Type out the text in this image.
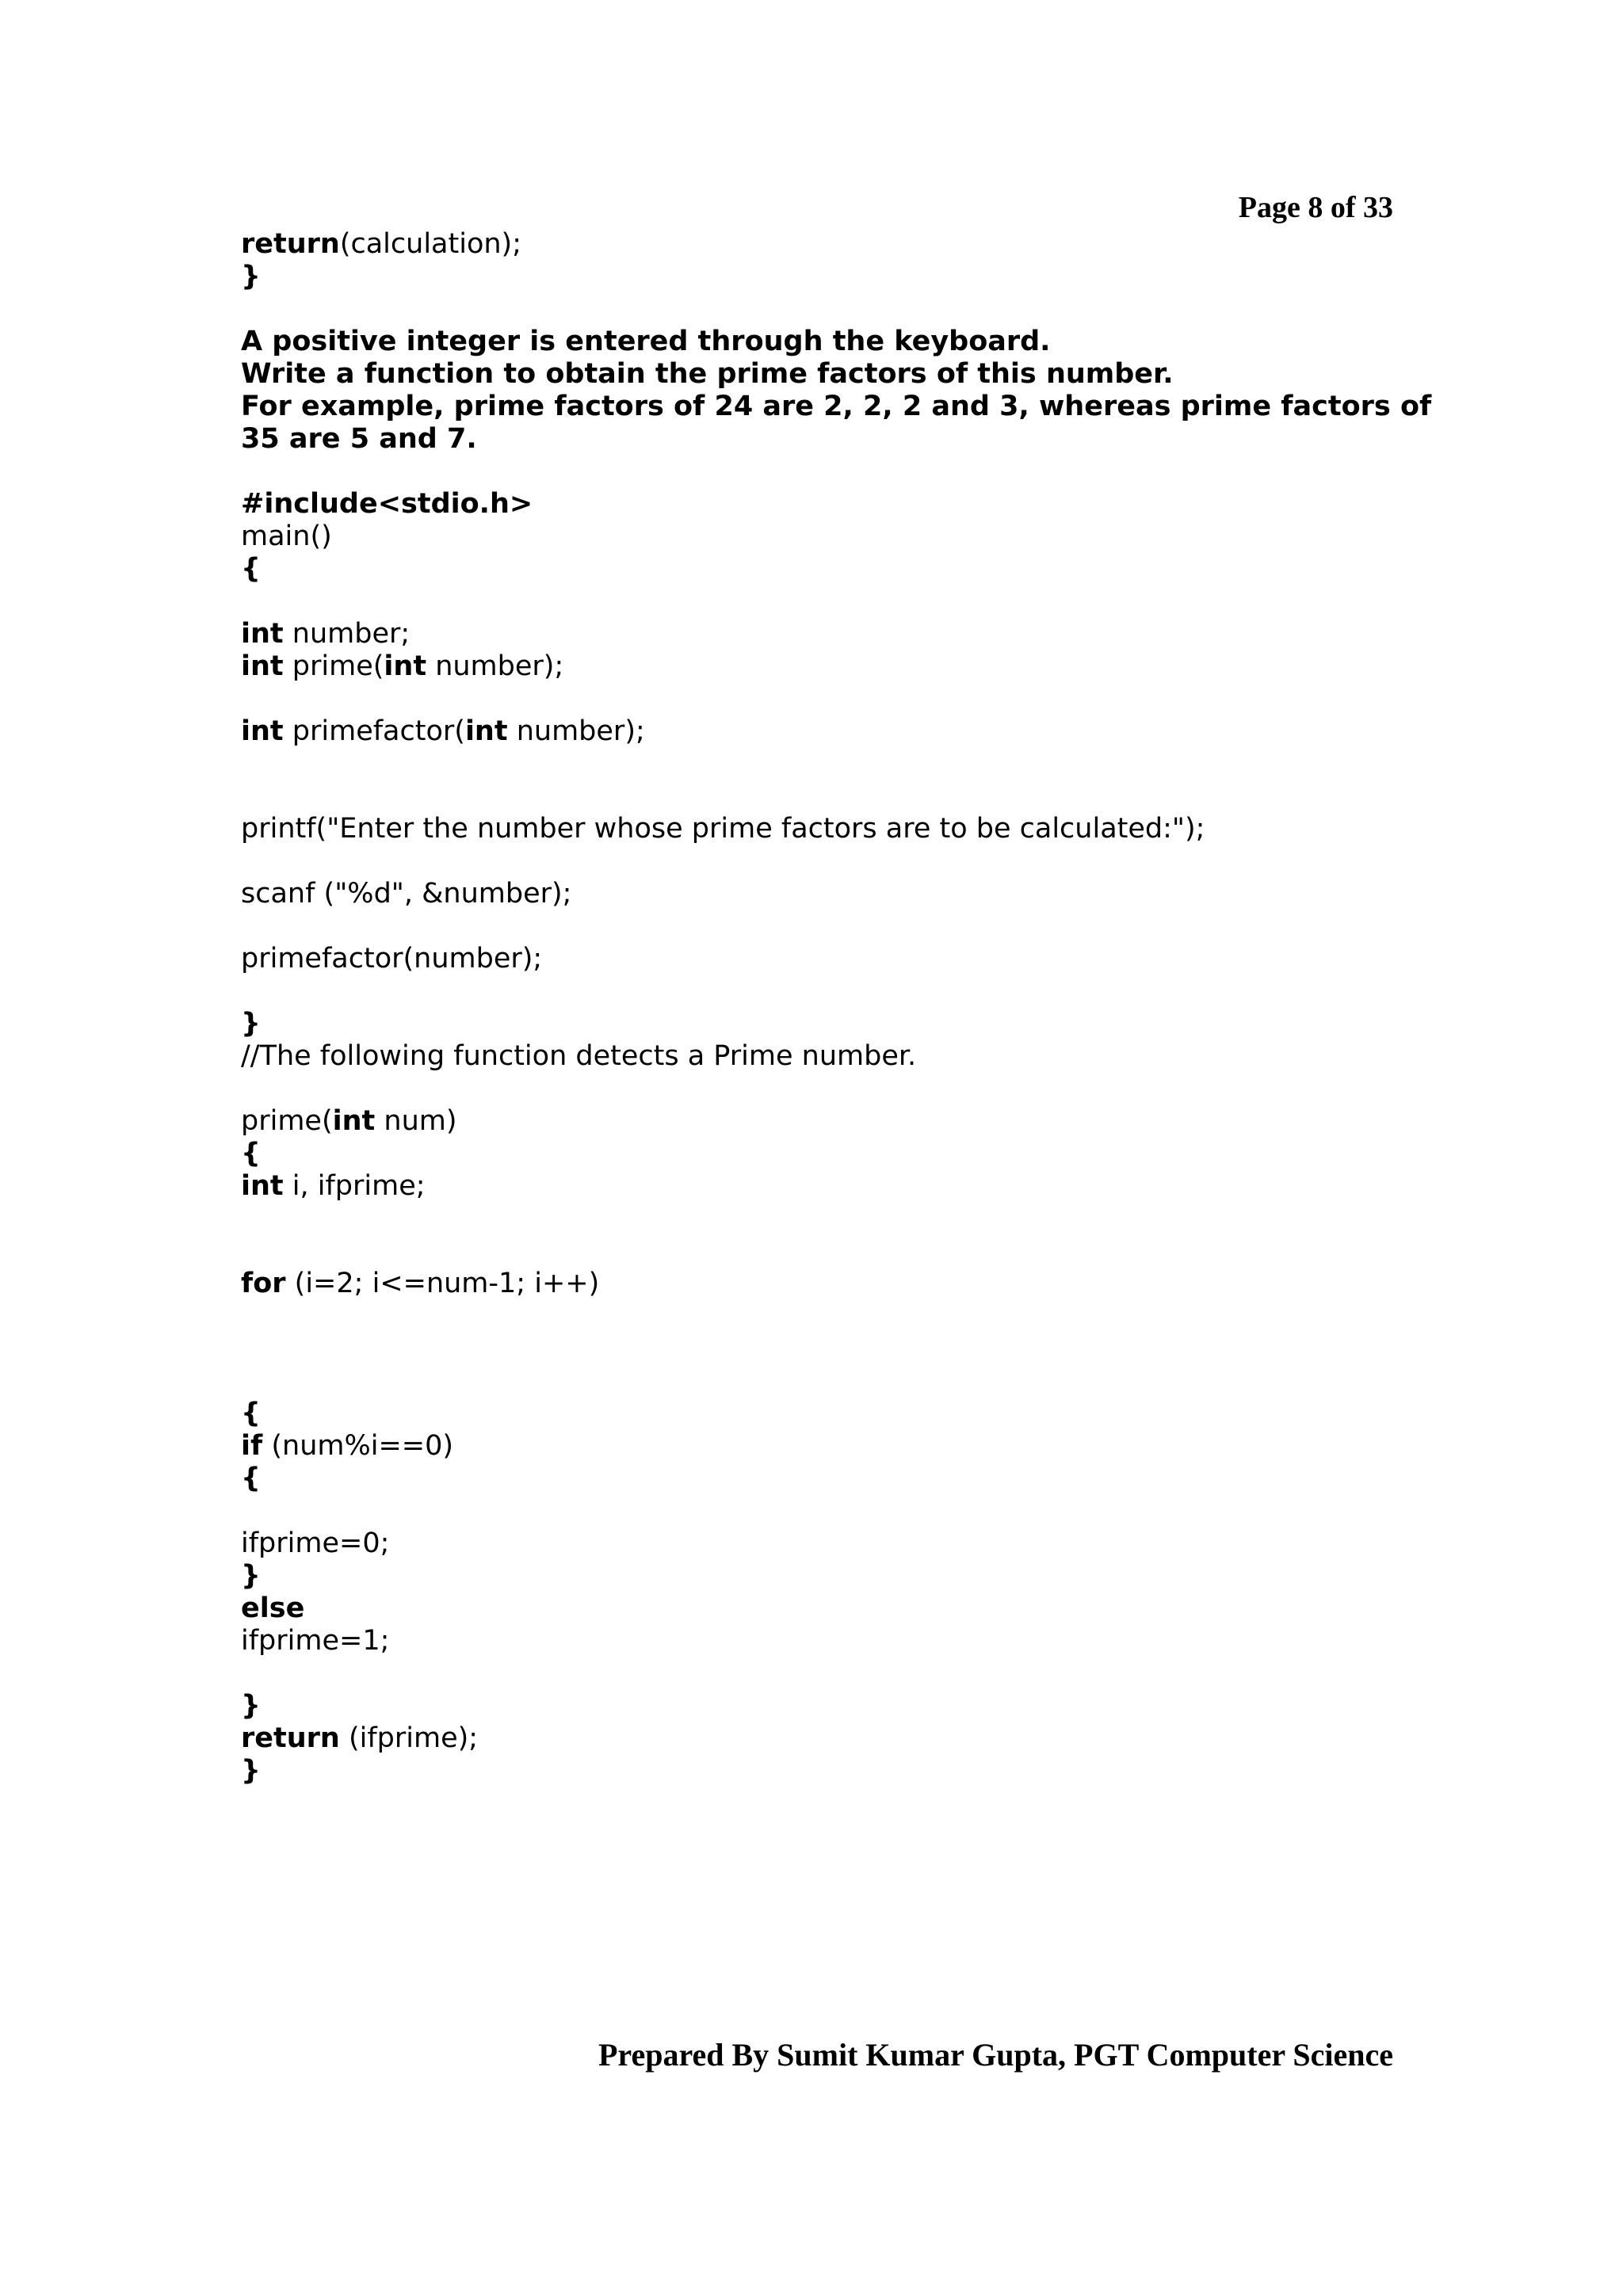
Page 8 of 33
return(calculation);
}
A positive integer is entered through the keyboard.
Write a function to obtain the prime factors of this number.
For example, prime factors of 24 are 2, 2, 2 and 3, whereas prime factors of
35 are 5 and 7.
#include<stdio.h>
main()
{
int number;
int prime(int number);
int primefactor(int number);
printf("Enter the number whose prime factors are to be calculated:");
scanf ("%d", &number);
primefactor(number);
}
//The following function detects a Prime number.
prime(int num)
{
int i, ifprime;
for (i=2; i<=num-1; i++)
{
if (num%i==0)
{
ifprime=0;
}
else
ifprime=1;
}
return (ifprime);
}
Prepared By Sumit Kumar Gupta, PGT Computer Science
